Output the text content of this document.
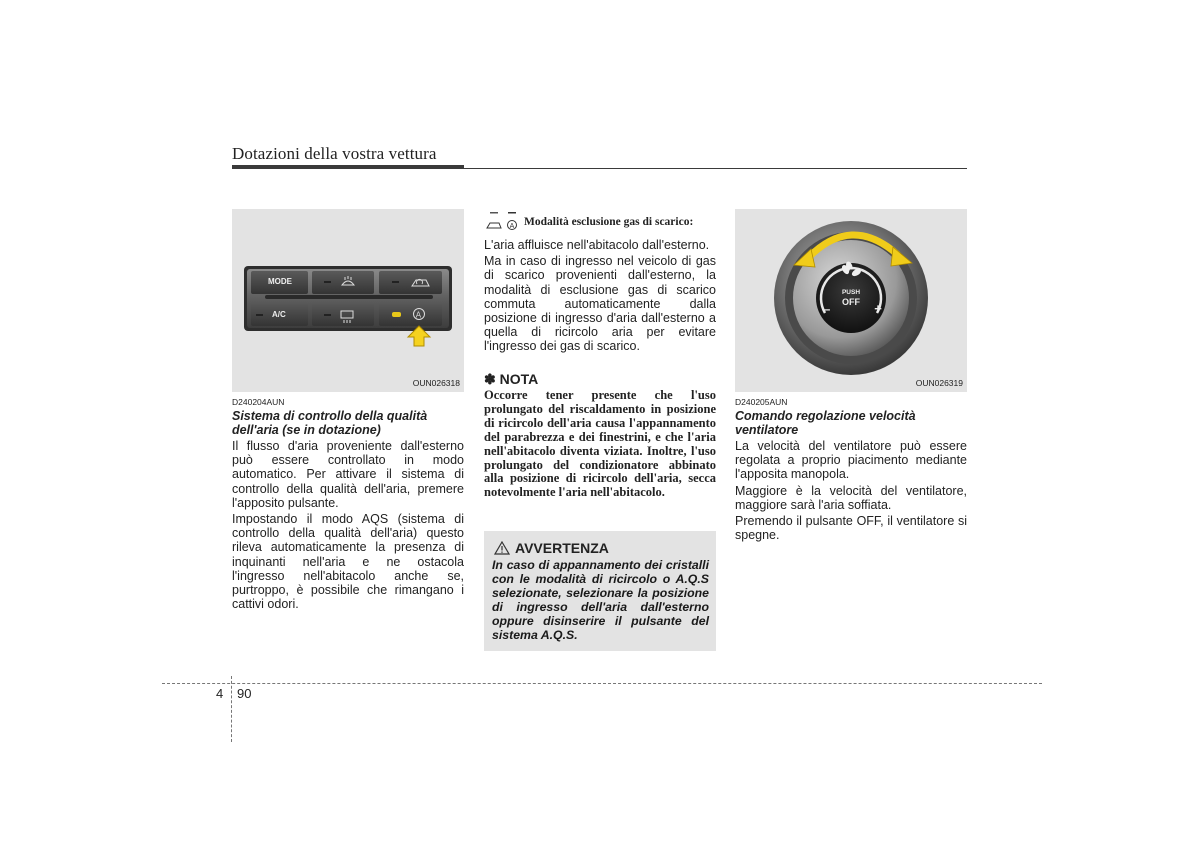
Dotazioni della vostra vettura
MODE
A/C	A
OUN026318
D240204AUN
Sistema di controllo della qualità dell'aria (se in dotazione)

Il flusso d'aria proveniente dall'esterno può essere controllato in modo automatico. Per attivare il sistema di controllo della qualità dell'aria, premere l'apposito pulsante.

Impostando il modo AQS (sistema di controllo della qualità dell'aria) questo rileva automaticamente la presenza di inquinanti nell'aria e ne ostacola l'ingresso nell'abitacolo anche se, purtroppo, è possibile che rimangano i cattivi odori.

A Modalità esclusione gas di scarico:

L'aria affluisce nell'abitacolo dall'esterno.

Ma in caso di ingresso nel veicolo di gas di scarico provenienti dall'esterno, la modalità di esclusione gas di scarico commuta automaticamente dalla posizione di ingresso d'aria dall'esterno a quella di ricircolo aria per evitare l'ingresso dei gas di scarico.

✽ NOTA
Occorre tener presente che l'uso prolungato del riscaldamento in posizione di ricircolo dell'aria causa l'appannamento del parabrezza e dei finestrini, e che l'aria nell'abitacolo diventa viziata. Inoltre, l'uso prolungato del condizionatore abbinato alla posizione di ricircolo dell'aria, secca notevolmente l'aria nell'abitacolo.
AVVERTENZA
In caso di appannamento dei cristalli con le modalità di ricircolo o A.Q.S selezionate, selezionare la posizione di ingresso dell'aria dall'esterno oppure disinserire il pulsante del sistema A.Q.S.
PUSH
OFF
–	+
OUN026319
D240205AUN
Comando regolazione velocità ventilatore

La velocità del ventilatore può essere regolata a proprio piacimento mediante l'apposita manopola.

Maggiore è la velocità del ventilatore, maggiore sarà l'aria soffiata.

Premendo il pulsante OFF, il ventilatore si spegne.

4 90
